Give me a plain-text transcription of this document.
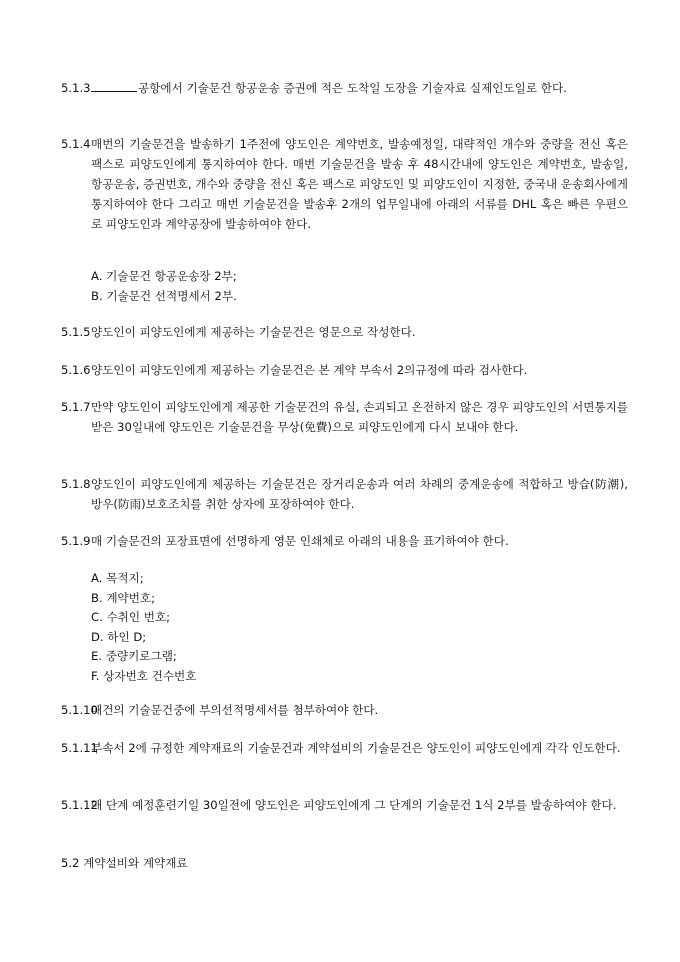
5.1.3	공항에서 기술문건 항공운송 증권에 적은 도착일 도장을 기술자료 실제인도일로 한다.
5.1.4 매번의 기술문건을 발송하기 1주전에 양도인은 계약번호, 발송예정일, 대략적인 개수와 중량을 전신 혹은 팩스로 피양도인에게 통지하여야 한다. 매번 기술문건을 발송 후 48시간내에 양도인은 계약번호, 발송일, 항공운송, 증권번호, 개수와 중량을 전신 혹은 팩스로 피양도인 및 피양도인이 지정한, 중국내 운송회사에게 통지하여야 한다 그리고 매번 기술문건을 발송후 2개의 업무일내에 아래의 서류를 DHL 혹은 빠른 우편으로 피양도인과 계약공장에 발송하여야 한다.
A. 기술문건 항공운송장 2부;
B. 기술문건 선적명세서 2부.
5.1.5 양도인이 피양도인에게 제공하는 기술문건은 영문으로 작성한다.
5.1.6 양도인이 피양도인에게 제공하는 기술문건은 본 계약 부속서 2의규정에 따라 검사한다.
5.1.7 만약 양도인이 피양도인에게 제공한 기술문건의 유실, 손괴되고 온전하지 않은 경우 피양도인의 서면통지를 받은 30일내에 양도인은 기술문건을 무상(免費)으로 피양도인에게 다시 보내야 한다.
5.1.8 양도인이 피양도인에게 제공하는 기술문건은 장거리운송과 여러 차례의 중계운송에 적합하고 방습(防潮), 방우(防雨)보호조치를 취한 상자에 포장하여야 한다.
5.1.9 매 기술문건의 포장표면에 선명하게 영문 인쇄체로 아래의 내용을 표기하여야 한다.
A. 목적지;
B. 계약번호;
C. 수취인 번호;
D. 하인 D;
E. 중량키로그램;
F. 상자번호 건수번호
5.1.10
매건의 기술문건중에 부의선적명세서를 첨부하여야 한다.
5.1.11
부속서 2에 규정한 계약재료의 기술문건과 계약설비의 기술문건은 양도인이 피양도인에게 각각 인도한다.
5.1.12
매 단계 예정훈련기일 30일전에 양도인은 피양도인에게 그 단계의 기술문건 1식 2부를 발송하여야 한다.
5.2 계약설비와 계약재료
